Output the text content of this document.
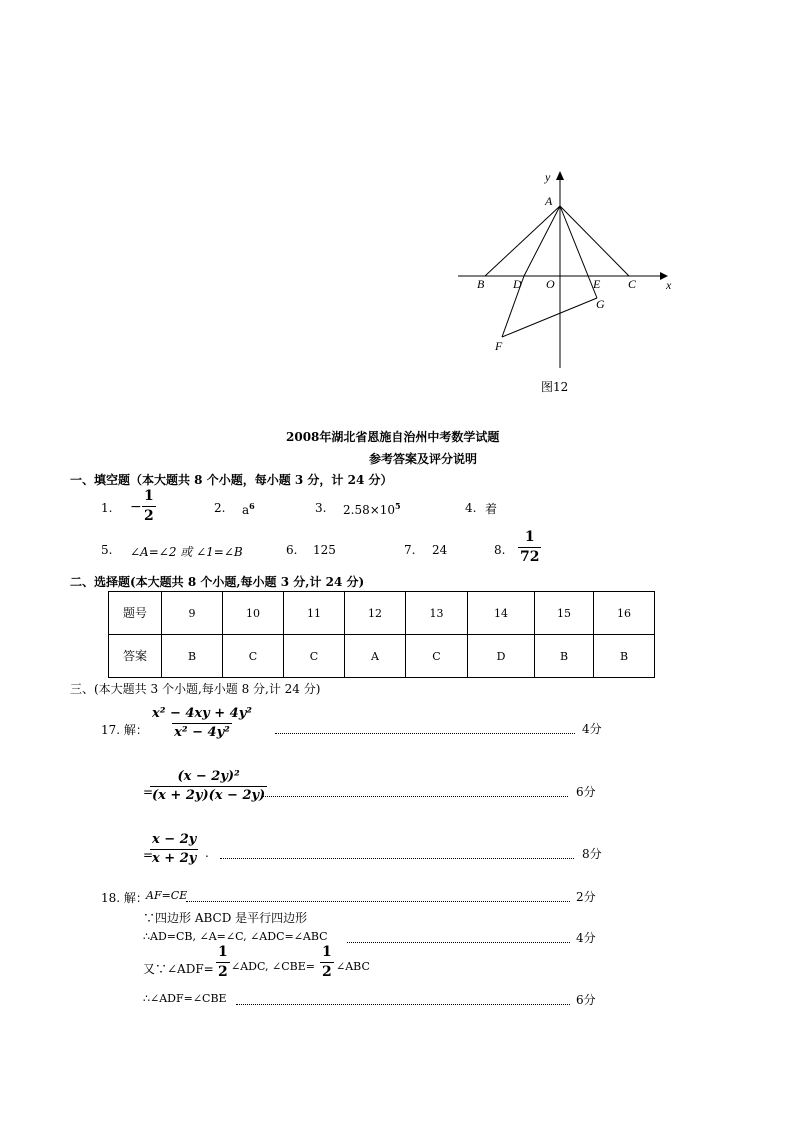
y
x
A
B D O	E C
G
F
图12
2008年湖北省恩施自治州中考数学试题
参考答案及评分说明
一、填空题（本大题共 8 个小题，每小题 3 分，计 24 分）
1. − $\frac{1}{2}$	2. $a^6$	3. $2.58\times 10^5$	4. 着
5. ∠A=∠2 或 ∠1=∠B	6. 125	7. 24	8. $\frac{1}{72}$
二、选择题(本大题共 8 个小题,每小题 3 分,计 24 分)
题号	9	10	11	12	13	14	15	16
答案	B	C	C	A	C	D	B	B
三、(本大题共 3 个小题,每小题 8 分,计 24 分)
17. 解： $\frac{\text{x² − 4xy + 4y²}}{\text{x² − 4y²}}$	4分
=
$\frac{\text{(x − 2y)²}}{(x + 2y)(x - 2y)}$	6分
=
$\frac{x - 2y}{x + 2y}$ .	8分
18. 解：
AF=CE	2分
∵四边形 ABCD 是平行四边形
∴AD=CB, ∠A=∠C, ∠ADC=∠ABC	4分
又∵∠ADF= $\frac{1}{2}$ ∠ADC, ∠CBE= $\frac{1}{2}$ ∠ABC
∴∠ADF=∠CBE	6分
